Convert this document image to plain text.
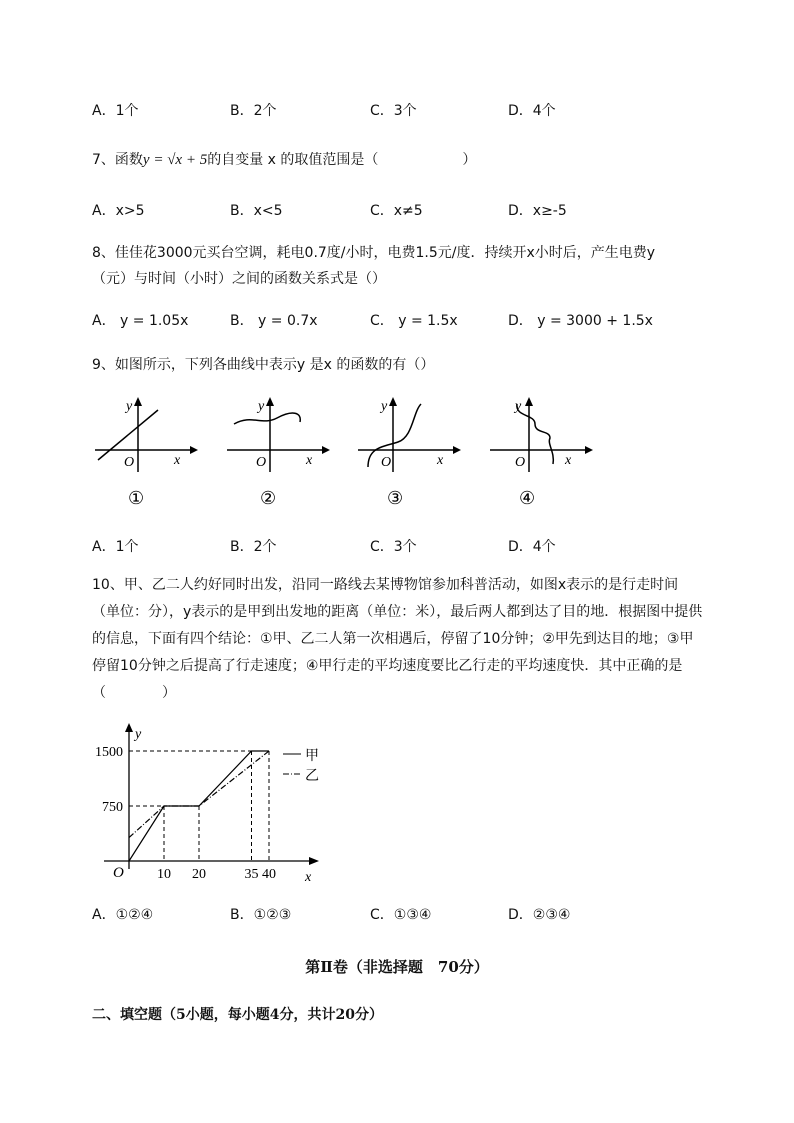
A．1个	B．2个	C．3个	D．4个
7、函数y = √x + 5的自变量 x 的取值范围是（　　　　　　）
A．x>5	B．x<5	C．x≠5	D．x≥-5
8、佳佳花3000元买台空调，耗电0.7度/小时，电费1.5元/度．持续开x小时后，产生电费y
（元）与时间（小时）之间的函数关系式是（）
A． y = 1.05x	B． y = 0.7x	C． y = 1.5x	D． y = 3000 + 1.5x
9、如图所示，下列各曲线中表示y 是x 的函数的有（）
y
x
O
①
y
x
O
②
y
x
O
③
y
x
O
④
A．1个	B．2个	C．3个	D．4个
10、甲、乙二人约好同时出发，沿同一路线去某博物馆参加科普活动，如图x表示的是行走时间
（单位：分），y表示的是甲到出发地的距离（单位：米），最后两人都到达了目的地．根据图中提供
的信息，下面有四个结论：①甲、乙二人第一次相遇后，停留了10分钟；②甲先到达目的地；③甲
停留10分钟之后提高了行走速度；④甲行走的平均速度要比乙行走的平均速度快．其中正确的是
（　　　　）
y
x
O
750
1500
10 20	35 40
甲
乙
A．①②④	B．①②③	C．①③④	D．②③④
第Ⅱ卷（非选择题　70分）
二、填空题（5小题，每小题4分，共计20分）
